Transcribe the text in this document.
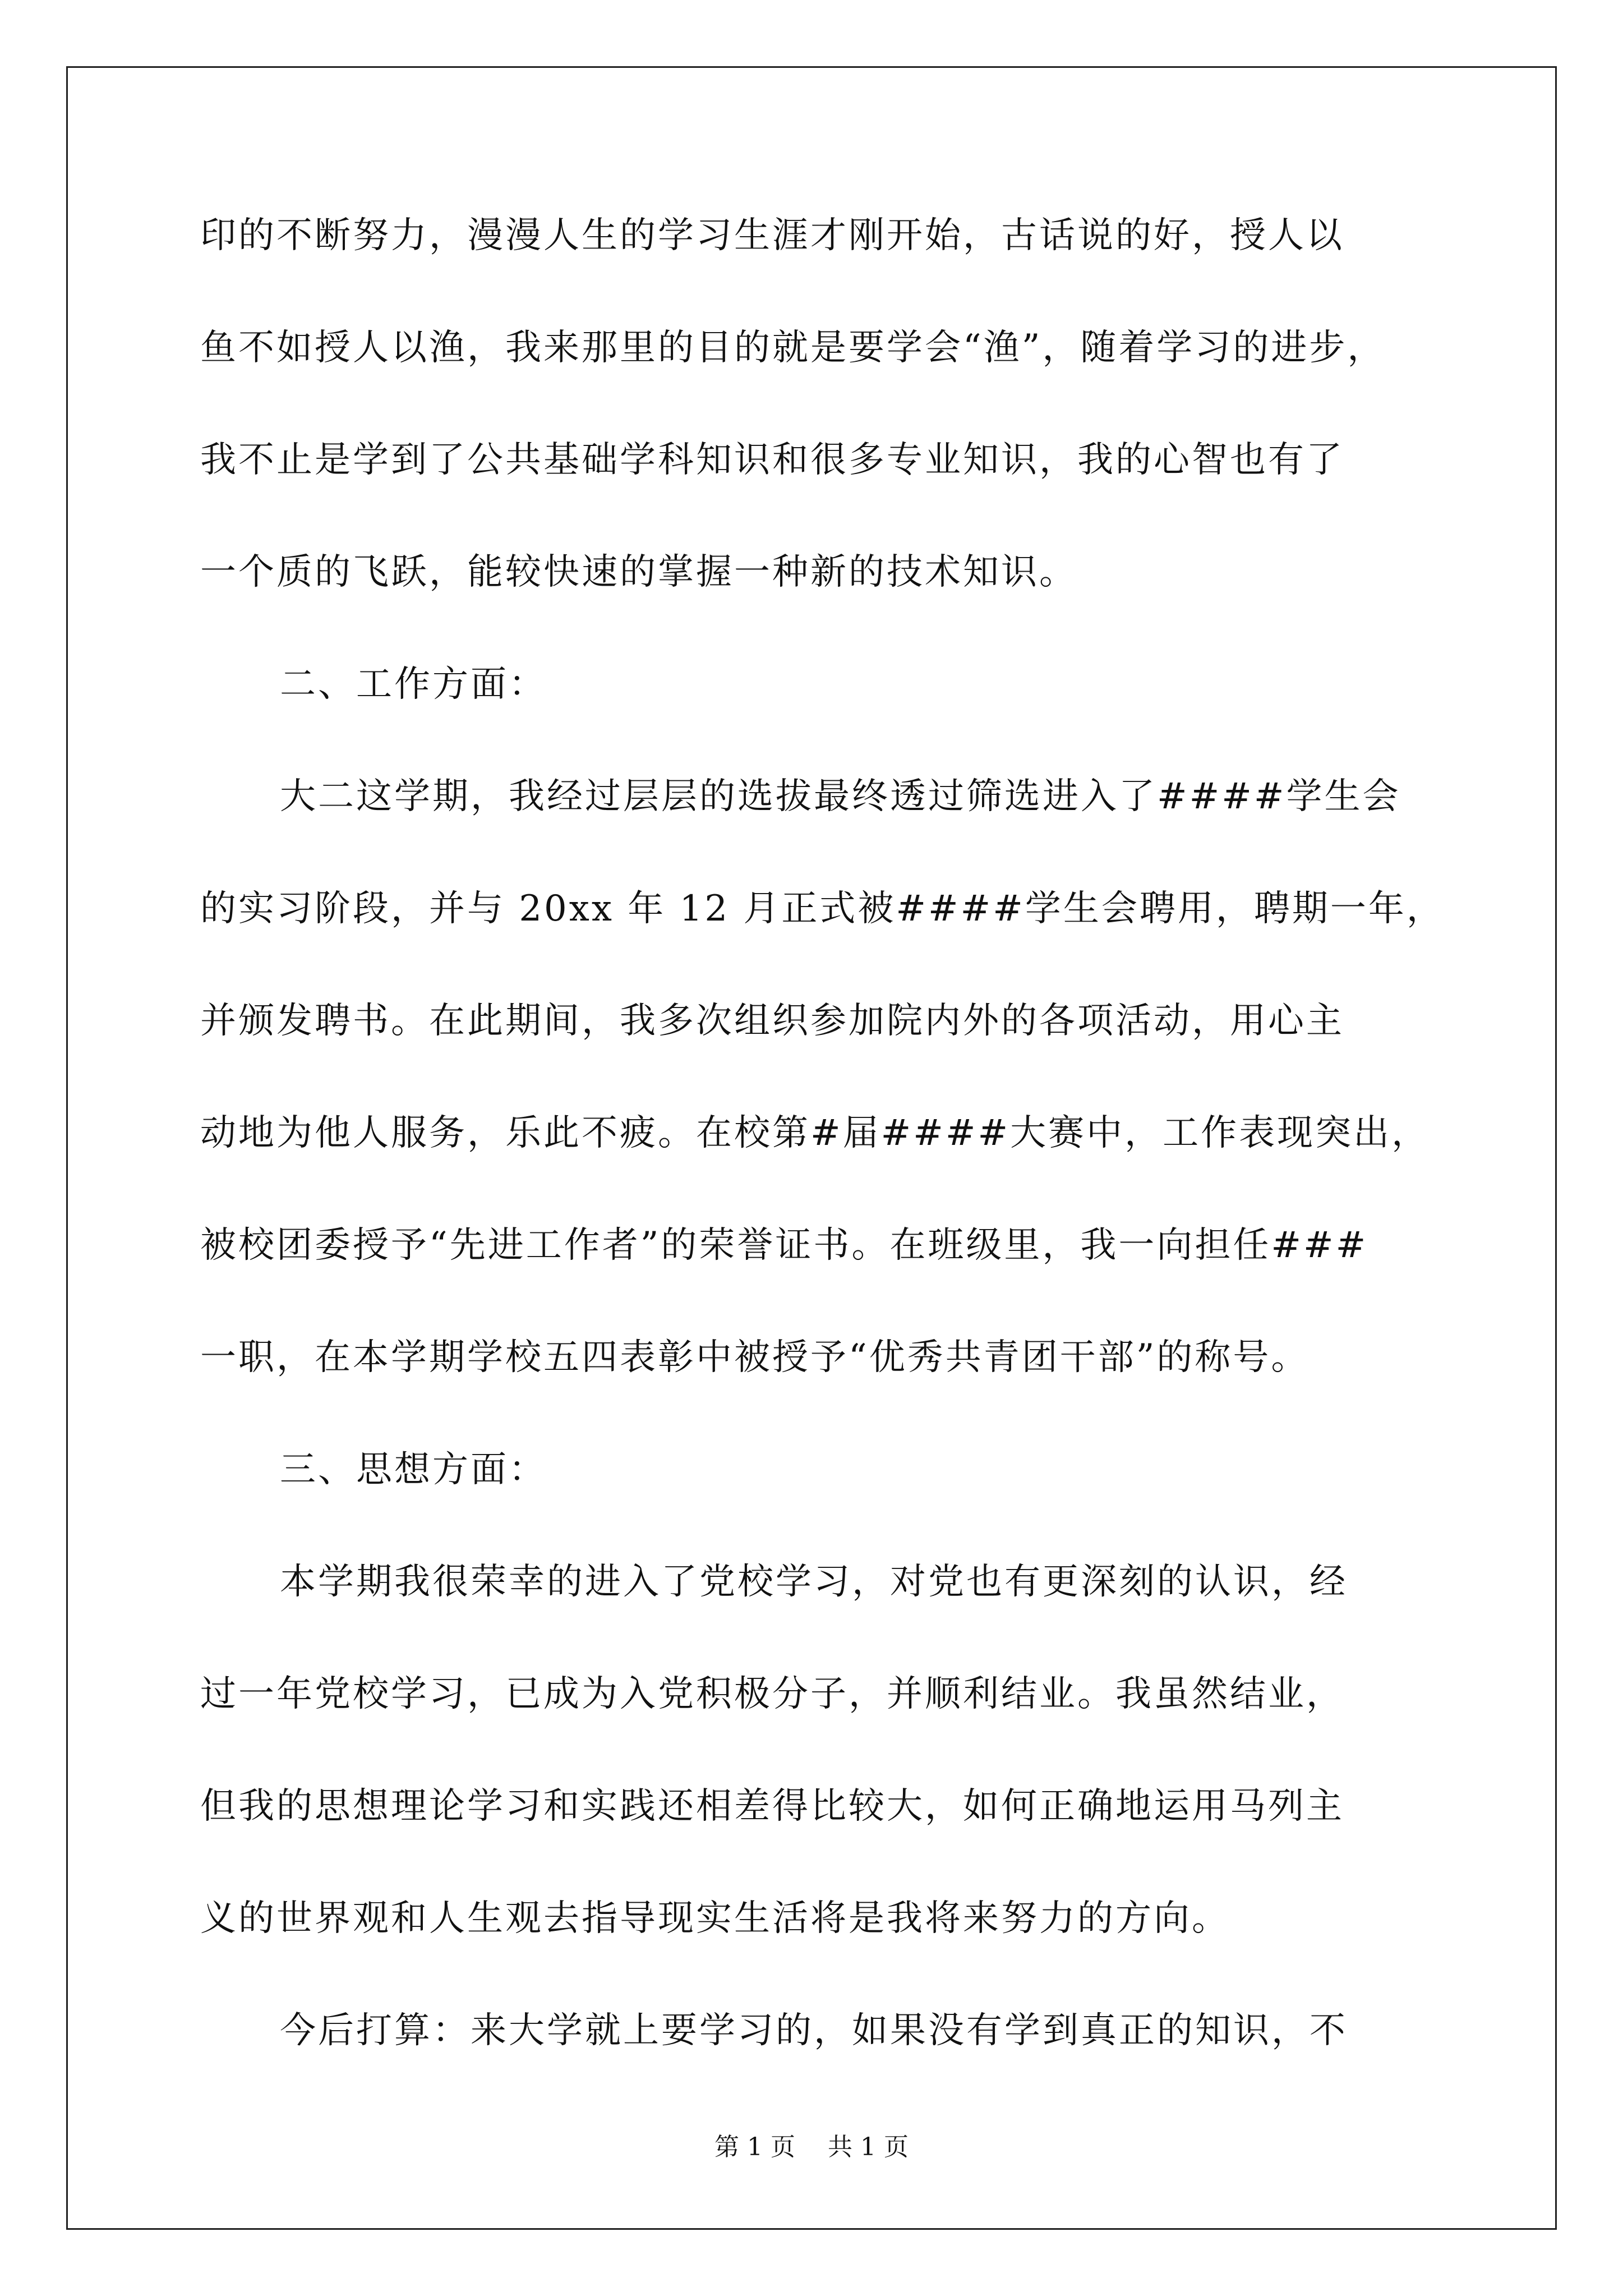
印的不断努力，漫漫人生的学习生涯才刚开始，古话说的好，授人以
鱼不如授人以渔，我来那里的目的就是要学会“渔”，随着学习的进步，
我不止是学到了公共基础学科知识和很多专业知识，我的心智也有了
一个质的飞跃，能较快速的掌握一种新的技术知识。
二、工作方面：
大二这学期，我经过层层的选拔最终透过筛选进入了####学生会
的实习阶段，并与 20xx 年 12 月正式被####学生会聘用，聘期一年，
并颁发聘书。在此期间，我多次组织参加院内外的各项活动，用心主
动地为他人服务，乐此不疲。在校第#届####大赛中，工作表现突出，
被校团委授予“先进工作者”的荣誉证书。在班级里，我一向担任###
一职，在本学期学校五四表彰中被授予“优秀共青团干部”的称号。
三、思想方面：
本学期我很荣幸的进入了党校学习，对党也有更深刻的认识，经
过一年党校学习，已成为入党积极分子，并顺利结业。我虽然结业，
但我的思想理论学习和实践还相差得比较大，如何正确地运用马列主
义的世界观和人生观去指导现实生活将是我将来努力的方向。
今后打算：来大学就上要学习的，如果没有学到真正的知识，不
第 1 页 共 1 页
